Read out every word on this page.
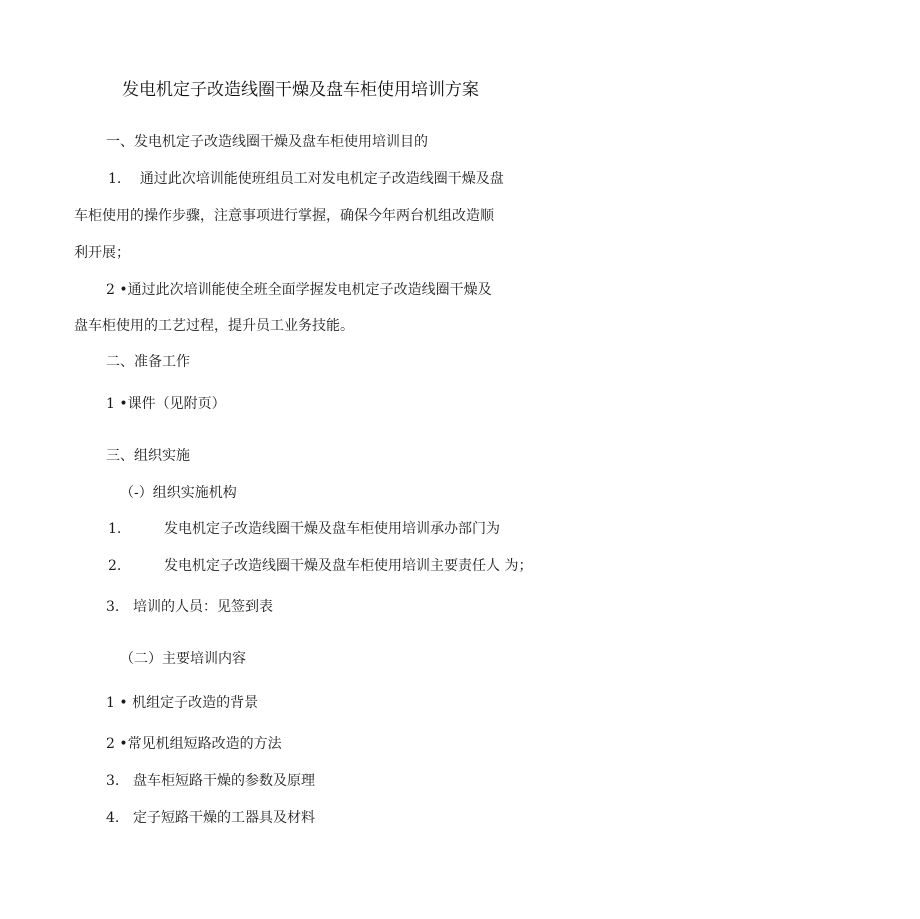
发电机定子改造线圈干燥及盘车柜使用培训方案
一、发电机定子改造线圈干燥及盘车柜使用培训目的
1. 通过此次培训能使班组员工对发电机定子改造线圈干燥及盘
车柜使用的操作步骤，注意事项进行掌握，确保今年两台机组改造顺
利开展；
2 •通过此次培训能使全班全面学握发电机定子改造线圈干燥及
盘车柜使用的工艺过程，提升员工业务技能。
二、准备工作
1 •课件（见附页）
三、组织实施
（-）组织实施机构
1.	发电机定子改造线圈干燥及盘车柜使用培训承办部门为
2.	发电机定子改造线圈干燥及盘车柜使用培训主要责任人 为；
3. 培训的人员：见签到表
（二）主要培训内容
1 • 机组定子改造的背景
2 •常见机组短路改造的方法
3. 盘车柜短路干燥的参数及原理
4. 定子短路干燥的工器具及材料
